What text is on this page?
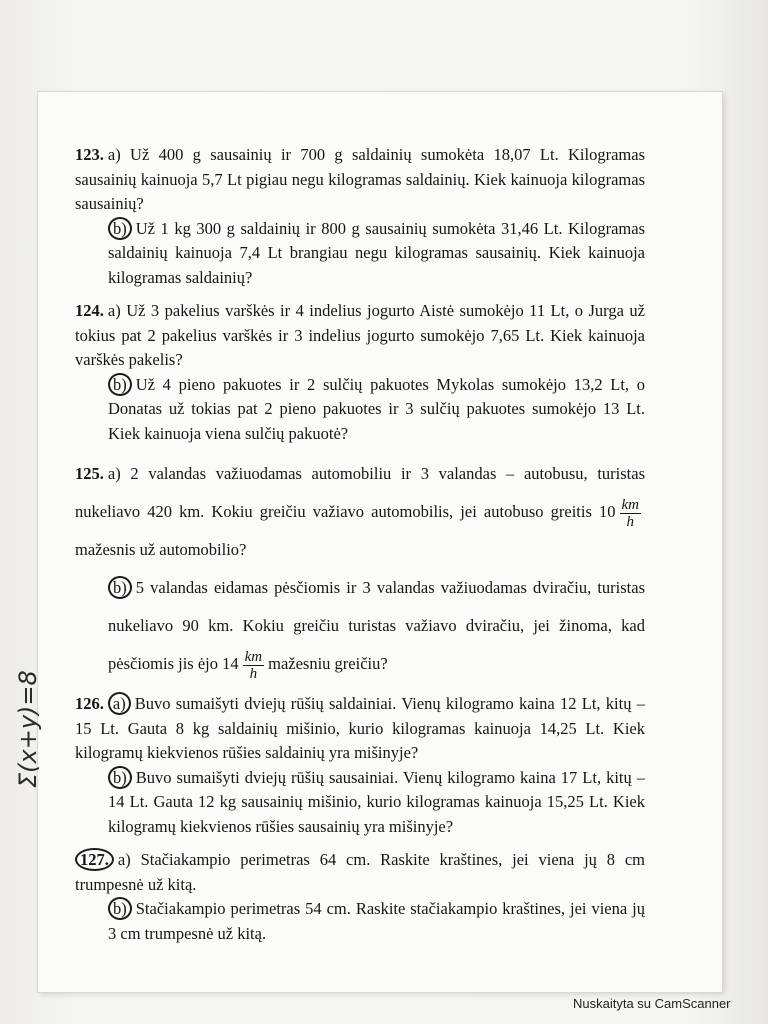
Σ(x+y)=8

123. a) Už 400 g sausainių ir 700 g saldainių sumokėta 18,07 Lt. Kilogramas sausainių kainuoja 5,7 Lt pigiau negu kilogramas saldainių. Kiek kainuoja kilogramas sausainių?

b) Už 1 kg 300 g saldainių ir 800 g sausainių sumokėta 31,46 Lt. Kilogramas saldainių kainuoja 7,4 Lt brangiau negu kilogramas sausainių. Kiek kainuoja kilogramas saldainių?

124. a) Už 3 pakelius varškės ir 4 indelius jogurto Aistė sumokėjo 11 Lt, o Jurga už tokius pat 2 pakelius varškės ir 3 indelius jogurto sumokėjo 7,65 Lt. Kiek kainuoja varškės pakelis?

b) Už 4 pieno pakuotes ir 2 sulčių pakuotes Mykolas sumokėjo 13,2 Lt, o Donatas už tokias pat 2 pieno pakuotes ir 3 sulčių pakuotes sumokėjo 13 Lt. Kiek kainuoja viena sulčių pakuotė?

125. a) 2 valandas važiuodamas automobiliu ir 3 valandas – autobusu, turistas nukeliavo 420 km. Kokiu greičiu važiavo automobilis, jei autobuso greitis $10 \frac{km}{h}$
mažesnis už automobilio?

b) 5 valandas eidamas pėsčiomis ir 3 valandas važiuodamas dviračiu, turistas nukeliavo 90 km. Kokiu greičiu turistas važiavo dviračiu, jei žinoma, kad pėsčiomis jis ėjo $14 \frac{km}{h}$ mažesniu greičiu?

126. a) Buvo sumaišyti dviejų rūšių saldainiai. Vienų kilogramo kaina 12 Lt, kitų – 15 Lt. Gauta 8 kg saldainių mišinio, kurio kilogramas kainuoja 14,25 Lt. Kiek kilogramų kiekvienos rūšies saldainių yra mišinyje?

b) Buvo sumaišyti dviejų rūšių sausainiai. Vienų kilogramo kaina 17 Lt, kitų – 14 Lt. Gauta 12 kg sausainių mišinio, kurio kilogramas kainuoja 15,25 Lt. Kiek kilogramų kiekvienos rūšies sausainių yra mišinyje?

127. a) Stačiakampio perimetras 64 cm. Raskite kraštines, jei viena jų 8 cm trumpesnė už kitą.

b) Stačiakampio perimetras 54 cm. Raskite stačiakampio kraštines, jei viena jų 3 cm trumpesnė už kitą.

Nuskaityta su CamScanner
